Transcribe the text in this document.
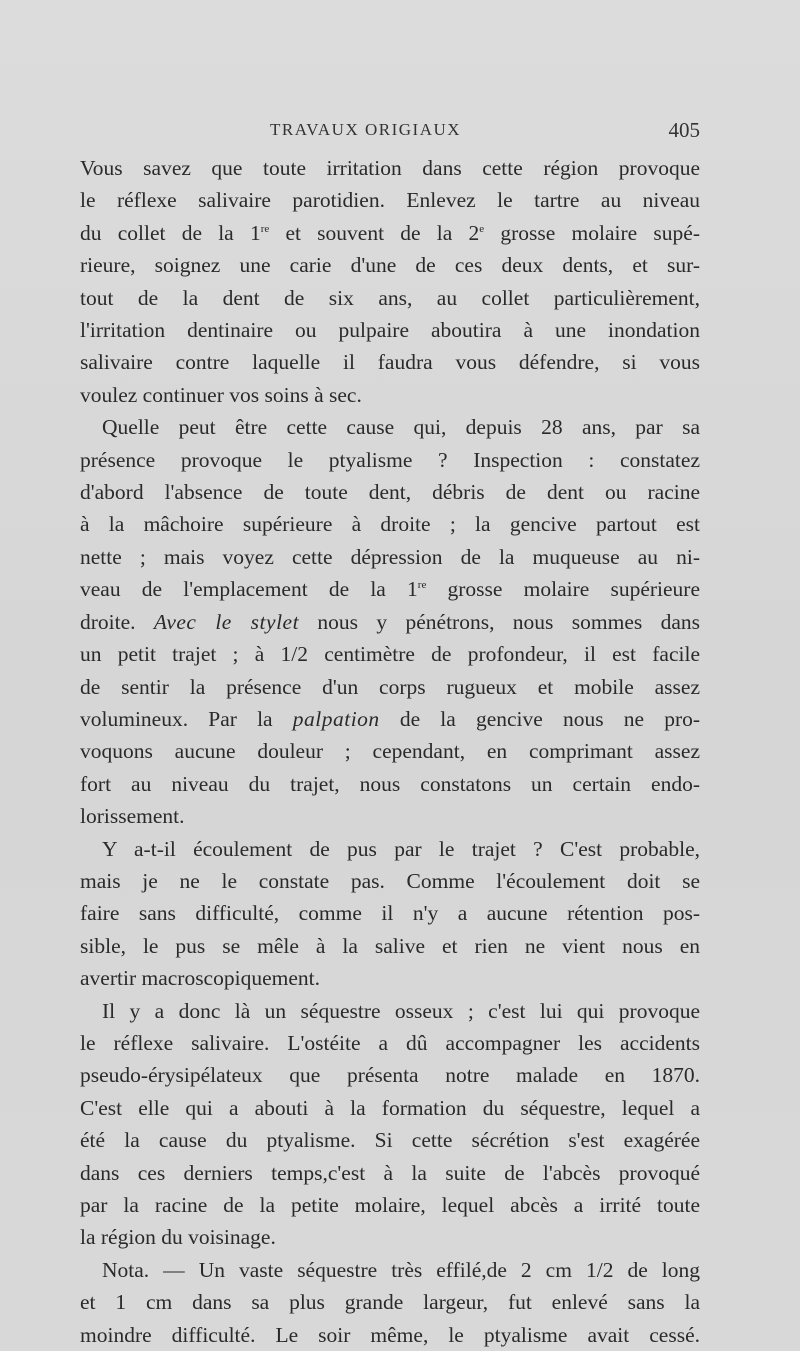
TRAVAUX ORIGIAUX	405

Vous savez que toute irritation dans cette région provoque
le réflexe salivaire parotidien. Enlevez le tartre au niveau
du collet de la 1re et souvent de la 2e grosse molaire supé-
rieure, soignez une carie d'une de ces deux dents, et sur-
tout de la dent de six ans, au collet particulièrement,
l'irritation dentinaire ou pulpaire aboutira à une inondation
salivaire contre laquelle il faudra vous défendre, si vous
voulez continuer vos soins à sec.

Quelle peut être cette cause qui, depuis 28 ans, par sa
présence provoque le ptyalisme ? Inspection : constatez
d'abord l'absence de toute dent, débris de dent ou racine
à la mâchoire supérieure à droite ; la gencive partout est
nette ; mais voyez cette dépression de la muqueuse au ni-
veau de l'emplacement de la 1re grosse molaire supérieure
droite. Avec le stylet nous y pénétrons, nous sommes dans
un petit trajet ; à 1/2 centimètre de profondeur, il est facile
de sentir la présence d'un corps rugueux et mobile assez
volumineux. Par la palpation de la gencive nous ne pro-
voquons aucune douleur ; cependant, en comprimant assez
fort au niveau du trajet, nous constatons un certain endo-
lorissement.

Y a-t-il écoulement de pus par le trajet ? C'est probable,
mais je ne le constate pas. Comme l'écoulement doit se
faire sans difficulté, comme il n'y a aucune rétention pos-
sible, le pus se mêle à la salive et rien ne vient nous en
avertir macroscopiquement.

Il y a donc là un séquestre osseux ; c'est lui qui provoque
le réflexe salivaire. L'ostéite a dû accompagner les accidents
pseudo-érysipélateux que présenta notre malade en 1870.
C'est elle qui a abouti à la formation du séquestre, lequel a
été la cause du ptyalisme. Si cette sécrétion s'est exagérée
dans ces derniers temps,c'est à la suite de l'abcès provoqué
par la racine de la petite molaire, lequel abcès a irrité toute
la région du voisinage.

Nota. — Un vaste séquestre très effilé,de 2 cm 1/2 de long
et 1 cm dans sa plus grande largeur, fut enlevé sans la
moindre difficulté. Le soir même, le ptyalisme avait cessé.
